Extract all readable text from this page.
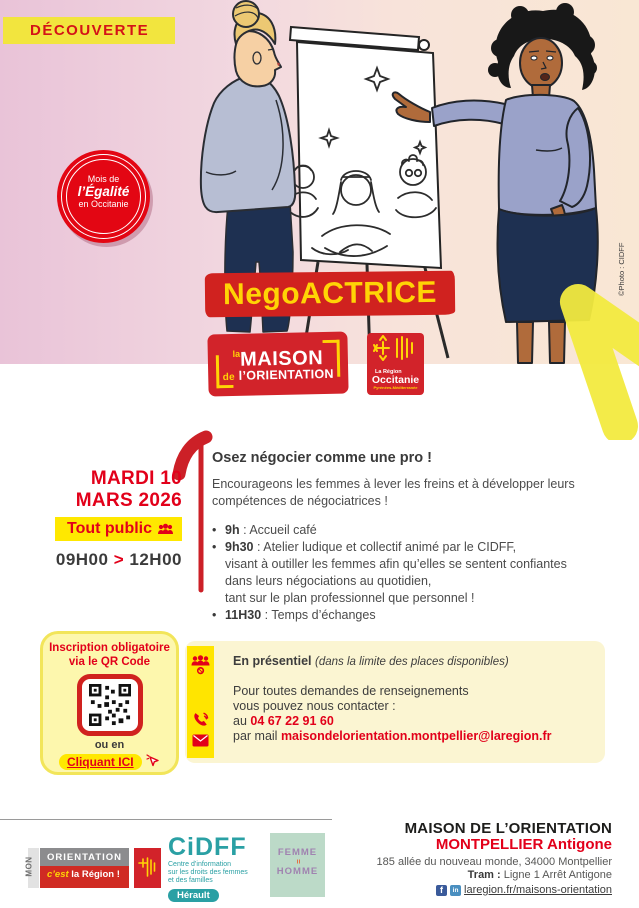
©Photo : CIDFF
DÉCOUVERTE
Mois de
l’Égalité
en Occitanie
NegoACTRICE
$^{la}$MAISON
de l’ORIENTATION	La Région
Occitanie
Pyrénées-Méditerranée
MARDI 10
MARS 2026
Tout public
09H00 > 12H00
Osez négocier comme une pro !
Encourageons les femmes à lever les freins et à développer leurs
compétences de négociatrices !
• 9h : Accueil café
• 9h30 : Atelier ludique et collectif animé par le CIDFF,
visant à outiller les femmes afin qu’elles se sentent confiantes
dans leurs négociations au quotidien,
tant sur le plan professionnel que personnel !
• 11H30 : Temps d’échanges
Inscription obligatoire
via le QR Code
ou en
Cliquant ICI
En présentiel (dans la limite des places disponibles)
Pour toutes demandes de renseignements
vous pouvez nous contacter :
au 04 67 22 91 60
par mail maisondelorientation.montpellier@laregion.fr
MAISON DE L’ORIENTATION
MONTPELLIER Antigone
185 allée du nouveau monde, 34000 Montpellier
Tram : Ligne 1 Arrêt Antigone
f	in laregion.fr/maisons-orientation
MON	ORIENTATION
c’est la Région !
CiDFF
Centre d’information
sur les droits des femmes
et des familles
Hérault
FEMME
=
HOMME
